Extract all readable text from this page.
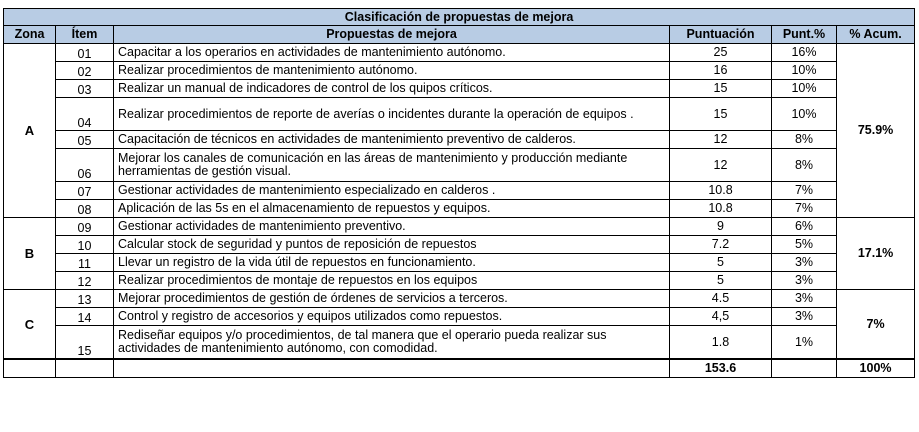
Clasificación de propuestas de mejora					
Zona	Ítem	Propuestas de mejora	Puntuación	Punt.%	% Acum.
A	01	Capacitar a los operarios en actividades de mantenimiento autónomo.	25	16%	75.9%
	02	Realizar procedimientos de mantenimiento autónomo.	16	10%	
	03	Realizar un manual de indicadores de control de los quipos críticos.	15	10%	
	04	Realizar procedimientos de reporte de averías o incidentes durante la operación de equipos .	15	10%	
	05	Capacitación de técnicos en actividades de mantenimiento preventivo de calderos.	12	8%	
	06	Mejorar los canales de comunicación en las áreas de mantenimiento y producción mediante herramientas de gestión visual.	12	8%	
	07	Gestionar actividades de mantenimiento especializado en calderos .	10.8	7%	
	08	Aplicación de las 5s en el almacenamiento de repuestos y equipos.	10.8	7%	
B	09	Gestionar actividades de mantenimiento preventivo.	9	6%	17.1%
	10	Calcular stock de seguridad y puntos de reposición de repuestos	7.2	5%	
	11	Llevar un registro de la vida útil de repuestos en funcionamiento.	5	3%	
	12	Realizar procedimientos de montaje de repuestos en los equipos	5	3%	
C	13	Mejorar procedimientos de gestión de órdenes de servicios a terceros.	4.5	3%	7%
	14	Control y registro de accesorios y equipos utilizados como repuestos.	4,5	3%	
	15	Rediseñar equipos y/o procedimientos, de tal manera que el operario pueda realizar sus actividades de mantenimiento autónomo, con comodidad.	1.8	1%	
			153.6		100%
